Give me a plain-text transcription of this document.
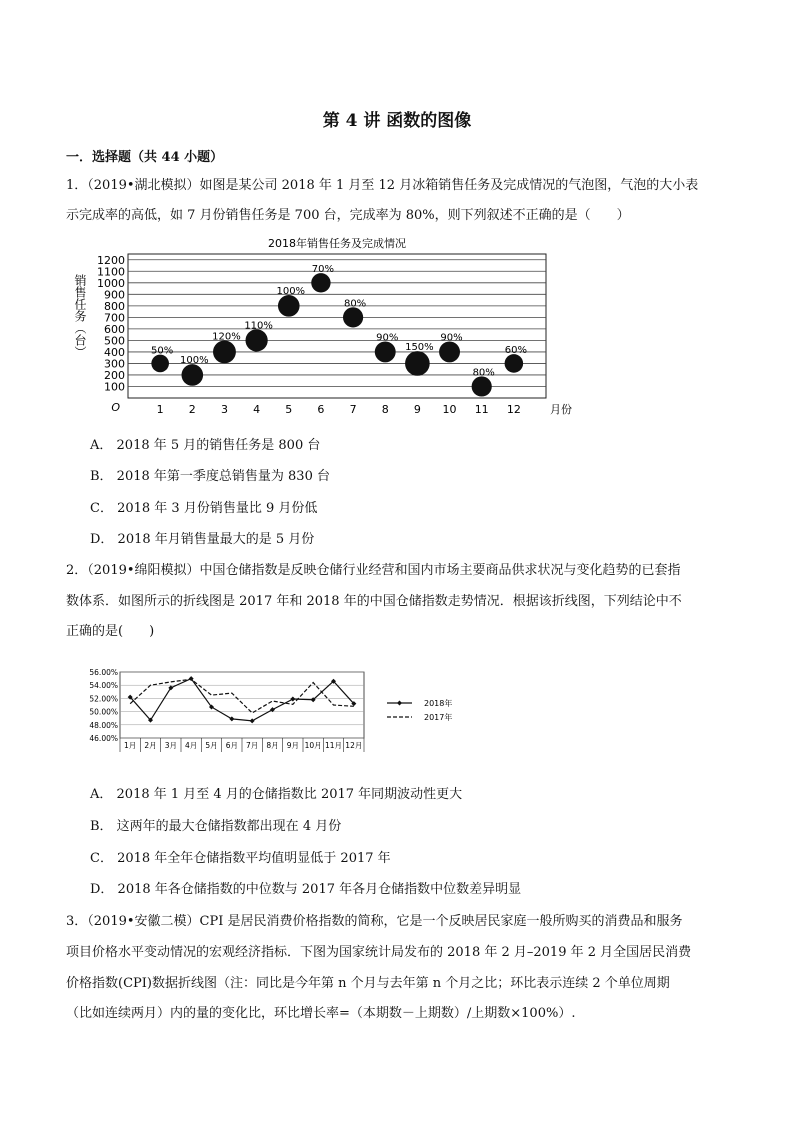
第 4 讲 函数的图像
一．选择题（共 44 小题）
1．（2019•湖北模拟）如图是某公司 2018 年 1 月至 12 月冰箱销售任务及完成情况的气泡图，气泡的大小表
示完成率的高低，如 7 月份销售任务是 700 台，完成率为 80%，则下列叙述不正确的是（　　）
2018年销售任务及完成情况
100
200
300
400
500
600
700
800
900
1000
1100
1200
O	1 2 3 4 5 6 7 8 9 10 11 12	月份
销售任务（台）	50%
100%
120%
110%
100%
70%
80%
90%
150%
90%
80%
60%
A． 2018 年 5 月的销售任务是 800 台
B． 2018 年第一季度总销售量为 830 台
C． 2018 年 3 月份销售量比 9 月份低
D． 2018 年月销售量最大的是 5 月份
2．（2019•绵阳模拟）中国仓储指数是反映仓储行业经营和国内市场主要商品供求状况与变化趋势的已套指
数体系．如图所示的折线图是 2017 年和 2018 年的中国仓储指数走势情况．根据该折线图，下列结论中不
正确的是(　　)
46.00%
48.00%
50.00%
52.00%
54.00%
56.00%
1月 2月 3月 4月 5月 6月 7月 8月 9月 10月 11月 12月
2018年
2017年
A． 2018 年 1 月至 4 月的仓储指数比 2017 年同期波动性更大
B． 这两年的最大仓储指数都出现在 4 月份
C． 2018 年全年仓储指数平均值明显低于 2017 年
D． 2018 年各仓储指数的中位数与 2017 年各月仓储指数中位数差异明显
3．（2019•安徽二模）CPI 是居民消费价格指数的简称，它是一个反映居民家庭一般所购买的消费品和服务
项目价格水平变动情况的宏观经济指标．下图为国家统计局发布的 2018 年 2 月–2019 年 2 月全国居民消费
价格指数(CPI)数据折线图（注：同比是今年第 n 个月与去年第 n 个月之比；环比表示连续 2 个单位周期
（比如连续两月）内的量的变化比，环比增长率=（本期数－上期数）/上期数×100%）.
